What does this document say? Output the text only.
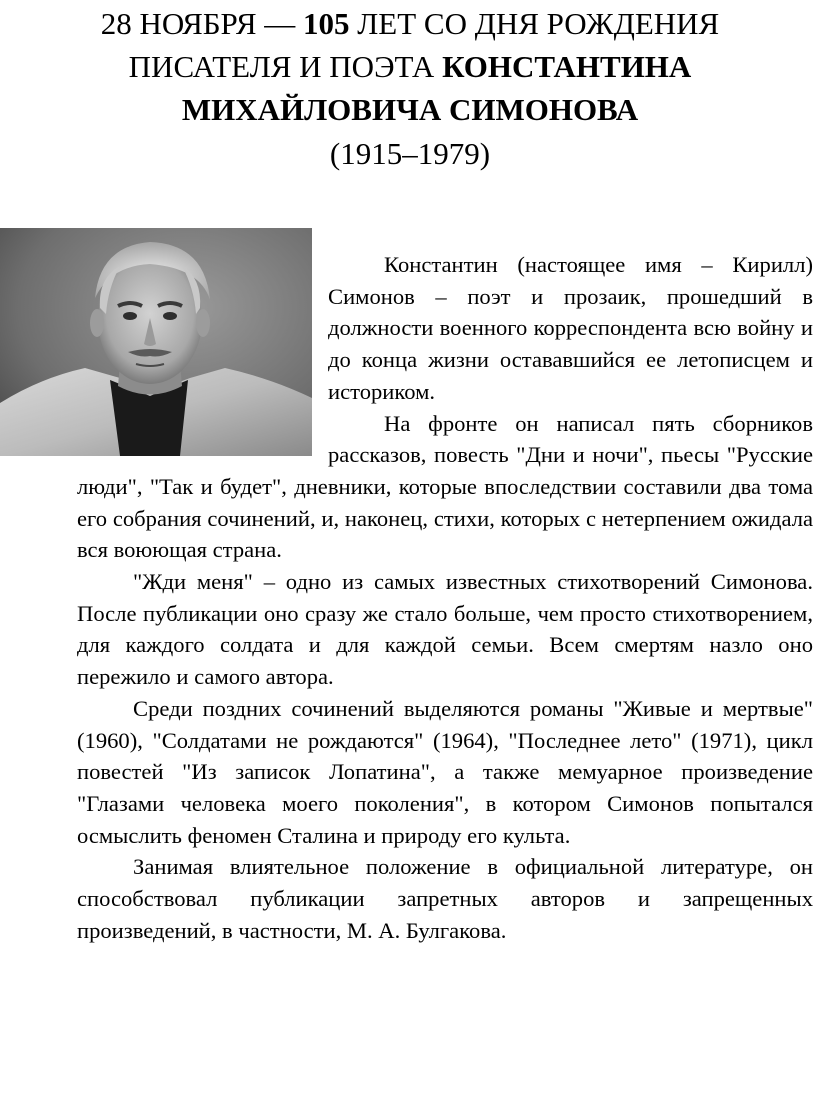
28 НОЯБРЯ — 105 ЛЕТ СО ДНЯ РОЖДЕНИЯ ПИСАТЕЛЯ И ПОЭТА КОНСТАНТИНА МИХАЙЛОВИЧА СИМОНОВА
(1915–1979)

Константин (настоящее имя – Кирилл) Симонов – поэт и прозаик, прошедший в должности военного корреспондента всю войну и до конца жизни остававшийся ее летописцем и историком.

На фронте он написал пять сборников рассказов, повесть "Дни и ночи", пьесы "Русские люди", "Так и будет", дневники, которые впоследствии составили два тома его собрания сочинений, и, наконец, стихи, которых с нетерпением ожидала вся воюющая страна.

"Жди меня" – одно из самых известных стихотворений Симонова. После публикации оно сразу же стало больше, чем просто стихотворением, для каждого солдата и для каждой семьи. Всем смертям назло оно пережило и самого автора.

Среди поздних сочинений выделяются романы "Живые и мертвые" (1960), "Солдатами не рождаются" (1964), "Последнее лето" (1971), цикл повестей "Из записок Лопатина", а также мемуарное произведение "Глазами человека моего поколения", в котором Симонов попытался осмыслить феномен Сталина и природу его культа.

Занимая влиятельное положение в официальной литературе, он способствовал публикации запретных авторов и запрещенных произведений, в частности, М. А. Булгакова.
